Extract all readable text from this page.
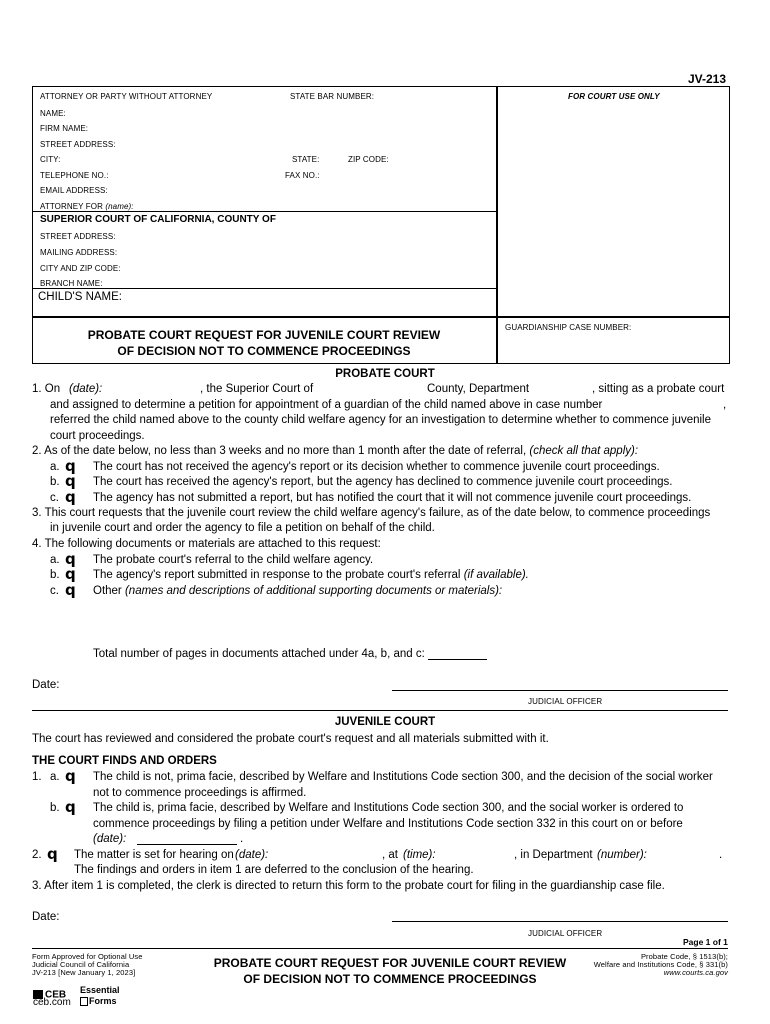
JV-213
ATTORNEY OR PARTY WITHOUT ATTORNEY	STATE BAR NUMBER:	FOR COURT USE ONLY
NAME:
FIRM NAME:
STREET ADDRESS:
CITY:	STATE:	ZIP CODE:
TELEPHONE NO.:	FAX NO.:
EMAIL ADDRESS:
ATTORNEY FOR (name):
SUPERIOR COURT OF CALIFORNIA, COUNTY OF
STREET ADDRESS:
MAILING ADDRESS:
CITY AND ZIP CODE:
BRANCH NAME:
CHILD'S NAME:
PROBATE COURT REQUEST FOR JUVENILE COURT REVIEW
OF DECISION NOT TO COMMENCE PROCEEDINGS
GUARDIANSHIP CASE NUMBER:
PROBATE COURT
1. On (date):	, the Superior Court of	County, Department	, sitting as a probate court
and assigned to determine a petition for appointment of a guardian of the child named above in case number	,
referred the child named above to the county child welfare agency for an investigation to determine whether to commence juvenile
court proceedings.
2. As of the date below, no less than 3 weeks and no more than 1 month after the date of referral, (check all that apply):
a. q The court has not received the agency's report or its decision whether to commence juvenile court proceedings.
b. q The court has received the agency's report, but the agency has declined to commence juvenile court proceedings.
c. q The agency has not submitted a report, but has notified the court that it will not commence juvenile court proceedings.
3. This court requests that the juvenile court review the child welfare agency's failure, as of the date below, to commence proceedings
in juvenile court and order the agency to file a petition on behalf of the child.
4. The following documents or materials are attached to this request:
a. q The probate court's referral to the child welfare agency.
b. q The agency's report submitted in response to the probate court's referral (if available).
c. q Other (names and descriptions of additional supporting documents or materials):
Total number of pages in documents attached under 4a, b, and c:
Date:
JUDICIAL OFFICER
JUVENILE COURT
The court has reviewed and considered the probate court's request and all materials submitted with it.
THE COURT FINDS AND ORDERS
1. a. q The child is not, prima facie, described by Welfare and Institutions Code section 300, and the decision of the social worker
not to commence proceedings is affirmed.
b. q The child is, prima facie, described by Welfare and Institutions Code section 300, and the social worker is ordered to
commence proceedings by filing a petition under Welfare and Institutions Code section 332 in this court on or before
(date):	.
2. q The matter is set for hearing on (date):	, at (time):	, in Department (number):	.
The findings and orders in item 1 are deferred to the conclusion of the hearing.
3. After item 1 is completed, the clerk is directed to return this form to the probate court for filing in the guardianship case file.
Date:
JUDICIAL OFFICER
Page 1 of 1
Form Approved for Optional Use
Judicial Council of California
JV-213 [New January 1, 2023]
PROBATE COURT REQUEST FOR JUVENILE COURT REVIEW
OF DECISION NOT TO COMMENCE PROCEEDINGS
Probate Code, § 1513(b);
Welfare and Institutions Code, § 331(b)
www.courts.ca.gov
CEB
ceb.com
Essential
Forms
